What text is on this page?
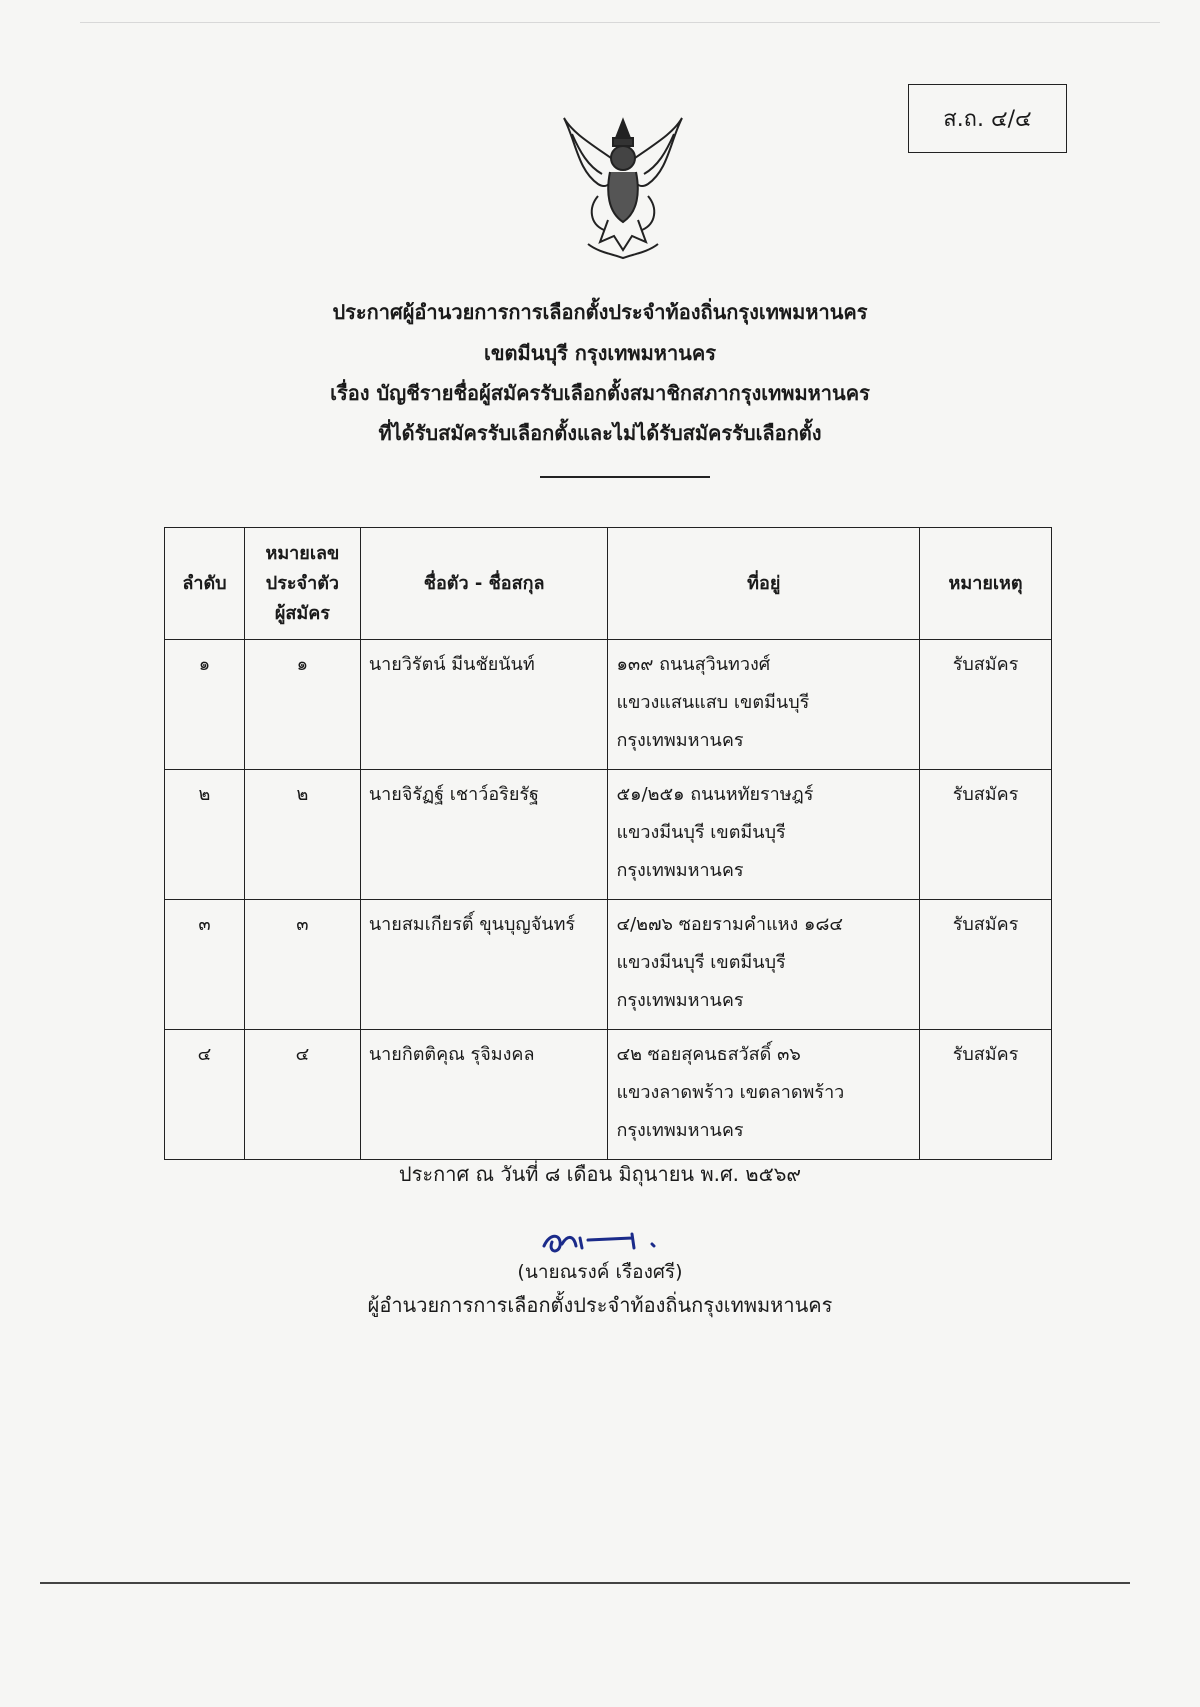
ส.ถ. ๔/๔
ประกาศผู้อำนวยการการเลือกตั้งประจำท้องถิ่นกรุงเทพมหานคร
เขตมีนบุรี กรุงเทพมหานคร
เรื่อง บัญชีรายชื่อผู้สมัครรับเลือกตั้งสมาชิกสภากรุงเทพมหานคร
ที่ได้รับสมัครรับเลือกตั้งและไม่ได้รับสมัครรับเลือกตั้ง
ลำดับ	หมายเลข
ประจำตัว
ผู้สมัคร	ชื่อตัว - ชื่อสกุล	ที่อยู่	หมายเหตุ
๑	๑	นายวิรัตน์ มีนชัยนันท์	๑๓๙ ถนนสุวินทวงศ์
แขวงแสนแสบ เขตมีนบุรี
กรุงเทพมหานคร	รับสมัคร
๒	๒	นายจิรัฏฐ์ เชาว์อริยรัฐ	๕๑/๒๕๑ ถนนหทัยราษฎร์
แขวงมีนบุรี เขตมีนบุรี
กรุงเทพมหานคร	รับสมัคร
๓	๓	นายสมเกียรติ์ ขุนบุญจันทร์	๔/๒๗๖ ซอยรามคำแหง ๑๘๔
แขวงมีนบุรี เขตมีนบุรี
กรุงเทพมหานคร	รับสมัคร
๔	๔	นายกิตติคุณ รุจิมงคล	๔๒ ซอยสุคนธสวัสดิ์ ๓๖
แขวงลาดพร้าว เขตลาดพร้าว
กรุงเทพมหานคร	รับสมัคร
ประกาศ ณ วันที่ ๘ เดือน มิถุนายน พ.ศ. ๒๕๖๙
(นายณรงค์ เรืองศรี)
ผู้อำนวยการการเลือกตั้งประจำท้องถิ่นกรุงเทพมหานคร
